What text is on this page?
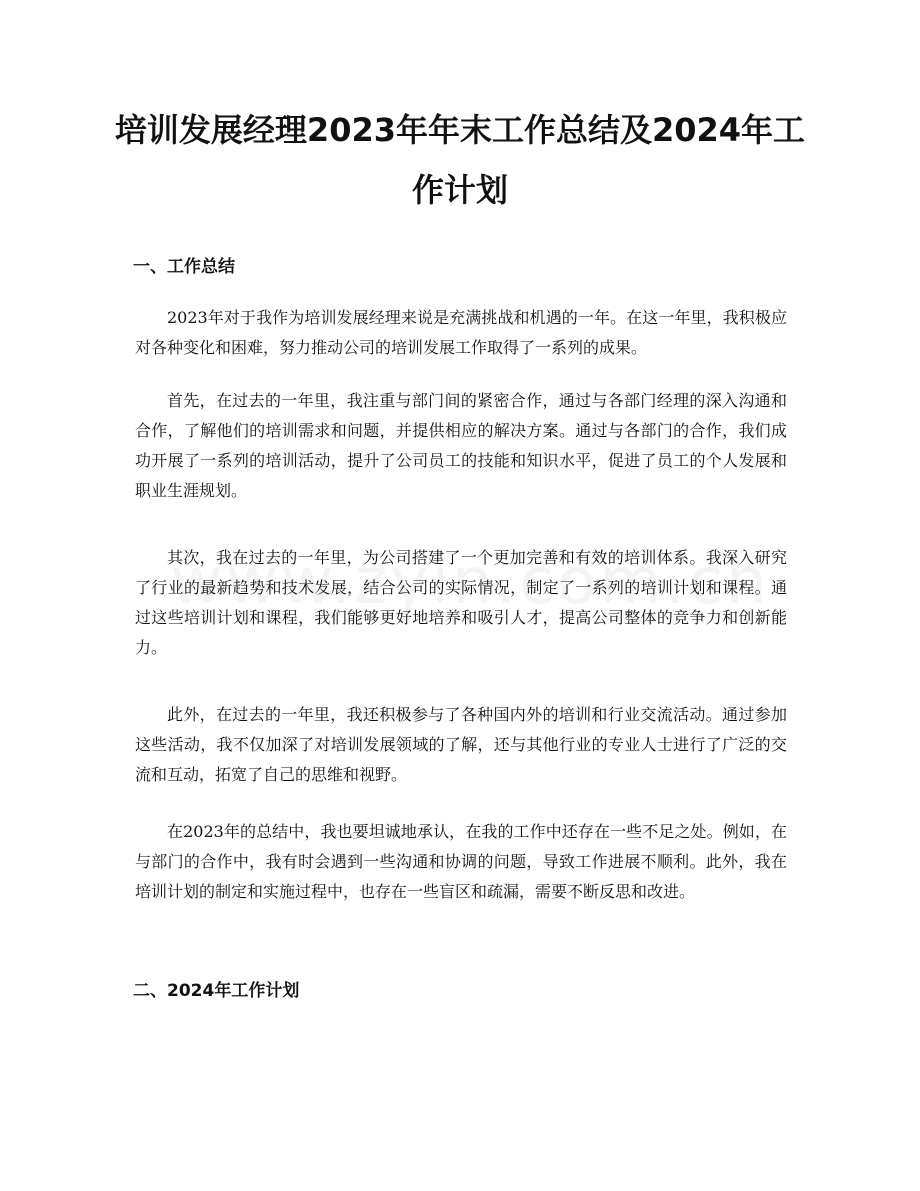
培训发展经理2023年年末工作总结及2024年工作计划
一、工作总结

2023年对于我作为培训发展经理来说是充满挑战和机遇的一年。在这一年里，我积极应对各种变化和困难，努力推动公司的培训发展工作取得了一系列的成果。

首先，在过去的一年里，我注重与部门间的紧密合作，通过与各部门经理的深入沟通和合作，了解他们的培训需求和问题，并提供相应的解决方案。通过与各部门的合作，我们成功开展了一系列的培训活动，提升了公司员工的技能和知识水平，促进了员工的个人发展和职业生涯规划。

其次，我在过去的一年里，为公司搭建了一个更加完善和有效的培训体系。我深入研究了行业的最新趋势和技术发展，结合公司的实际情况，制定了一系列的培训计划和课程。通过这些培训计划和课程，我们能够更好地培养和吸引人才，提高公司整体的竞争力和创新能力。

此外，在过去的一年里，我还积极参与了各种国内外的培训和行业交流活动。通过参加这些活动，我不仅加深了对培训发展领域的了解，还与其他行业的专业人士进行了广泛的交流和互动，拓宽了自己的思维和视野。

在2023年的总结中，我也要坦诚地承认，在我的工作中还存在一些不足之处。例如，在与部门的合作中，我有时会遇到一些沟通和协调的问题，导致工作进展不顺利。此外，我在培训计划的制定和实施过程中，也存在一些盲区和疏漏，需要不断反思和改进。

二、2024年工作计划
